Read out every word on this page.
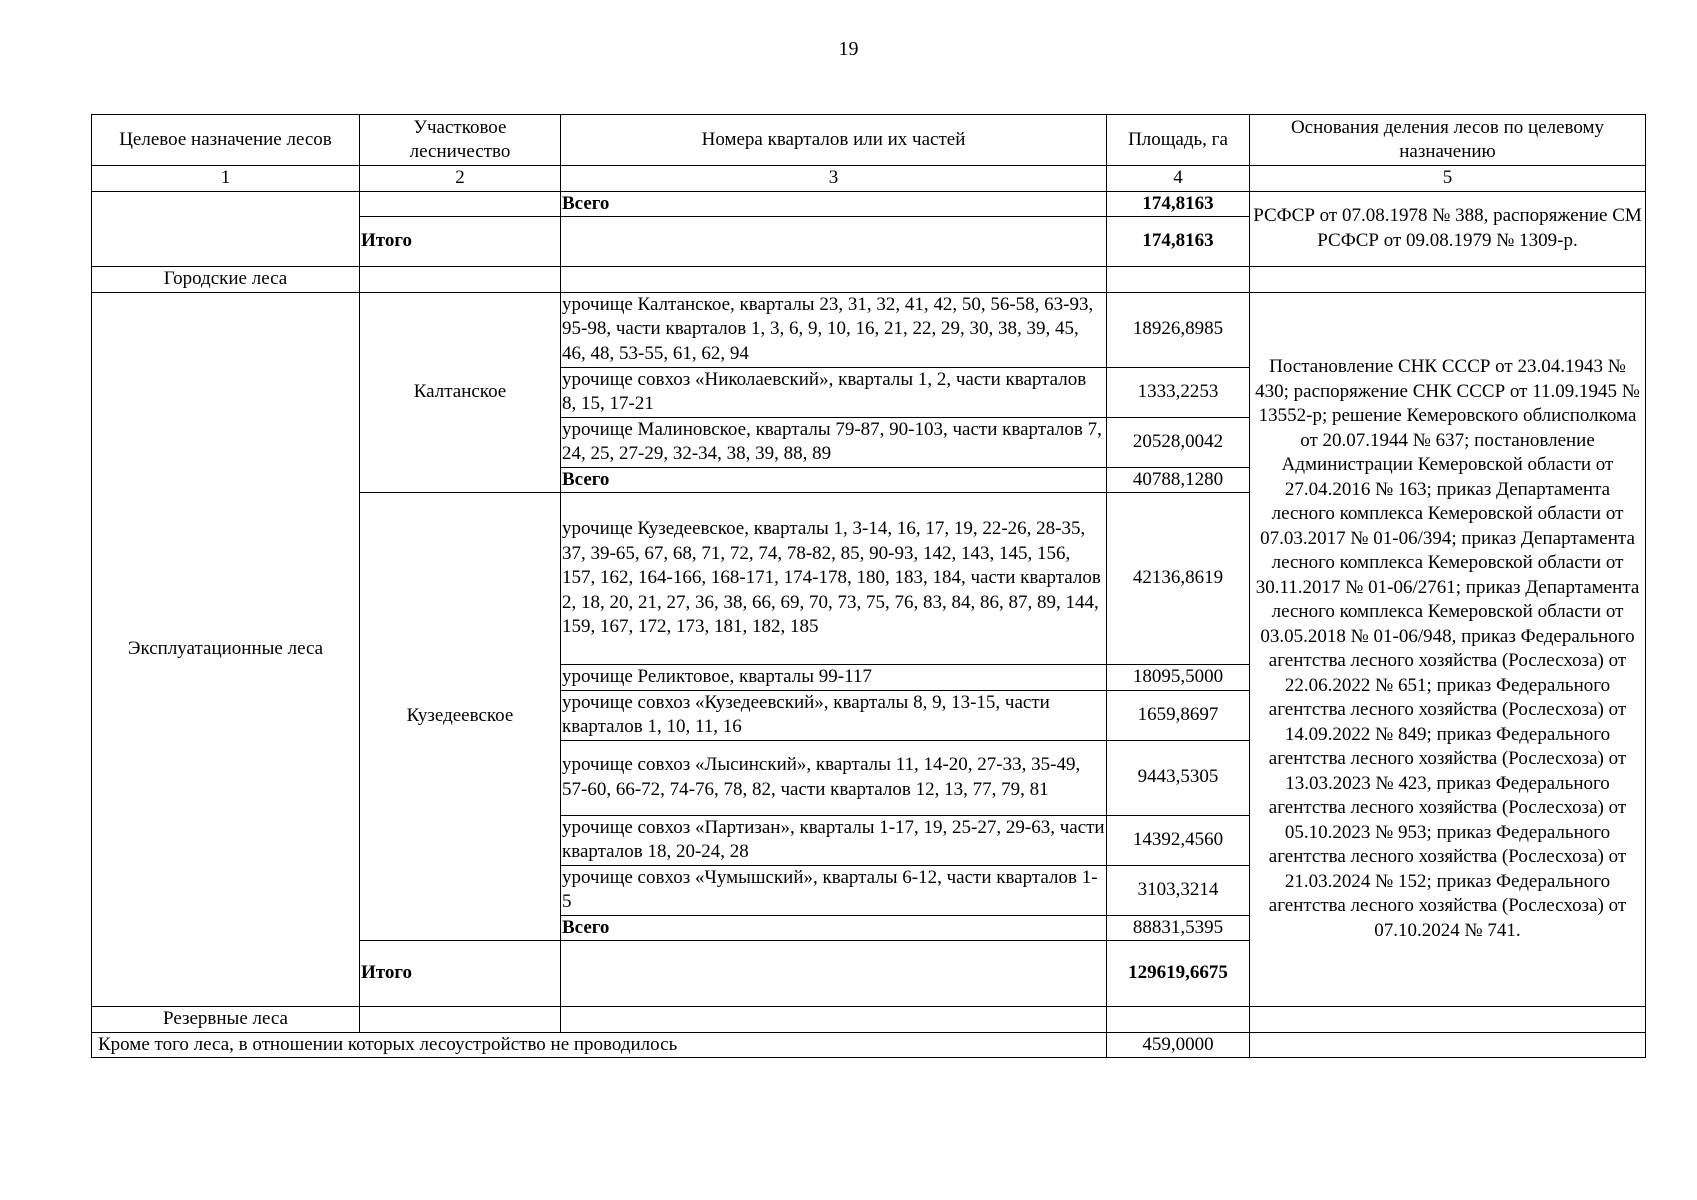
19
Целевое назначение лесов	Участковое лесничество	Номера кварталов или их частей	Площадь, га	Основания деления лесов по целевому назначению
1	2	3	4	5
		Всего	174,8163	РСФСР от 07.08.1978 № 388, распоряжение СМ РСФСР от 09.08.1979 № 1309-р.
	Итого		174,8163	
Городские леса				
Эксплуатационные леса	Калтанское	урочище Калтанское, кварталы 23, 31, 32, 41, 42, 50, 56-58, 63-93, 95-98, части кварталов 1, 3, 6, 9, 10, 16, 21, 22, 29, 30, 38, 39, 45, 46, 48, 53-55, 61, 62, 94	18926,8985	Постановление СНК СССР от 23.04.1943 № 430; распоряжение СНК СССР от 11.09.1945 № 13552-р; решение Кемеровского облисполкома от 20.07.1944 № 637; постановление Администрации Кемеровской области от 27.04.2016 № 163; приказ Департамента лесного комплекса Кемеровской области от 07.03.2017 № 01-06/394; приказ Департамента лесного комплекса Кемеровской области от 30.11.2017 № 01-06/2761; приказ Департамента лесного комплекса Кемеровской области от 03.05.2018 № 01-06/948, приказ Федерального агентства лесного хозяйства (Рослесхоза) от 22.06.2022 № 651; приказ Федерального агентства лесного хозяйства (Рослесхоза) от 14.09.2022 № 849; приказ Федерального агентства лесного хозяйства (Рослесхоза) от 13.03.2023 № 423, приказ Федерального агентства лесного хозяйства (Рослесхоза) от 05.10.2023 № 953; приказ Федерального агентства лесного хозяйства (Рослесхоза) от 21.03.2024 № 152; приказ Федерального агентства лесного хозяйства (Рослесхоза) от 07.10.2024 № 741.
		урочище совхоз «Николаевский», кварталы 1, 2, части кварталов 8, 15, 17-21	1333,2253	
		урочище Малиновское, кварталы 79-87, 90-103, части кварталов 7, 24, 25, 27-29, 32-34, 38, 39, 88, 89	20528,0042	
		Всего	40788,1280	
	Кузедеевское	урочище Кузедеевское, кварталы 1, 3-14, 16, 17, 19, 22-26, 28-35, 37, 39-65, 67, 68, 71, 72, 74, 78-82, 85, 90-93, 142, 143, 145, 156, 157, 162, 164-166, 168-171, 174-178, 180, 183, 184, части кварталов 2, 18, 20, 21, 27, 36, 38, 66, 69, 70, 73, 75, 76, 83, 84, 86, 87, 89, 144, 159, 167, 172, 173, 181, 182, 185	42136,8619	
		урочище Реликтовое, кварталы 99-117	18095,5000	
		урочище совхоз «Кузедеевский», кварталы 8, 9, 13-15, части кварталов 1, 10, 11, 16	1659,8697	
		урочище совхоз «Лысинский», кварталы 11, 14-20, 27-33, 35-49, 57-60, 66-72, 74-76, 78, 82, части кварталов 12, 13, 77, 79, 81	9443,5305	
		урочище совхоз «Партизан», кварталы 1-17, 19, 25-27, 29-63, части кварталов 18, 20-24, 28	14392,4560	
		урочище совхоз «Чумышский», кварталы 6-12, части кварталов 1-5	3103,3214	
		Всего	88831,5395	
	Итого		129619,6675	
Резервные леса				
Кроме того леса, в отношении которых лесоустройство не проводилось			459,0000	
